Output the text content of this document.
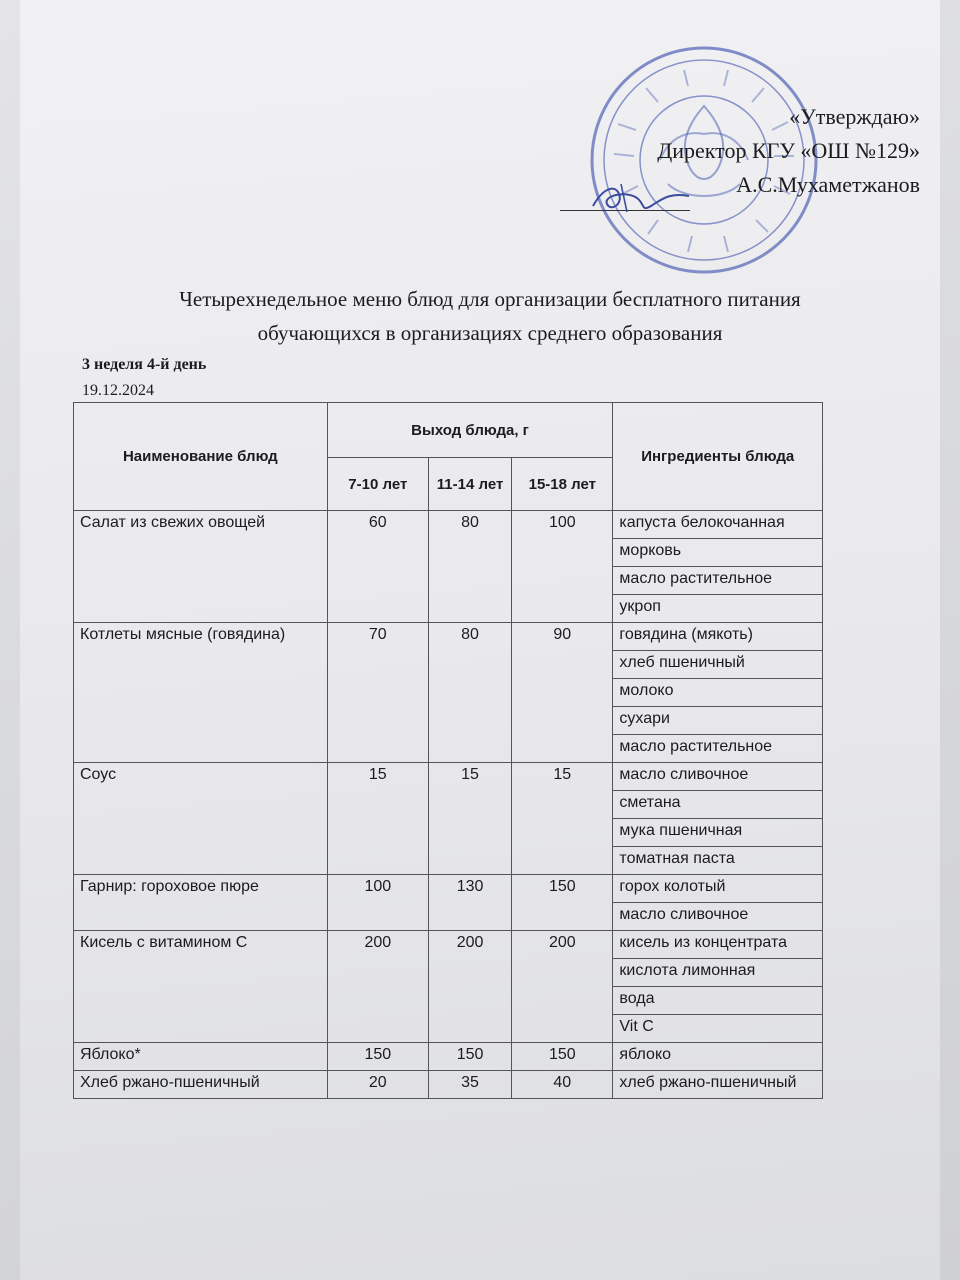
«Утверждаю»
Директор КГУ «ОШ №129»
А.С.Мухаметжанов
Четырехнедельное меню блюд для организации бесплатного питания
обучающихся в организациях среднего образования
3 неделя 4-й день
19.12.2024
Наименование блюд	Выход блюда, г			Ингредиенты блюда
	7-10 лет	11-14 лет	15-18 лет	
Салат из свежих овощей	60	80	100	капуста белокочанная
				морковь
				масло растительное
				укроп
Котлеты мясные (говядина)	70	80	90	говядина (мякоть)
				хлеб пшеничный
				молоко
				сухари
				масло растительное
Соус	15	15	15	масло сливочное
				сметана
				мука пшеничная
				томатная паста
Гарнир: гороховое пюре	100	130	150	горох колотый
				масло сливочное
Кисель с витамином С	200	200	200	кисель из концентрата
				кислота лимонная
				вода
				Vit C
Яблоко*	150	150	150	яблоко
Хлеб ржано-пшеничный	20	35	40	хлеб ржано-пшеничный
